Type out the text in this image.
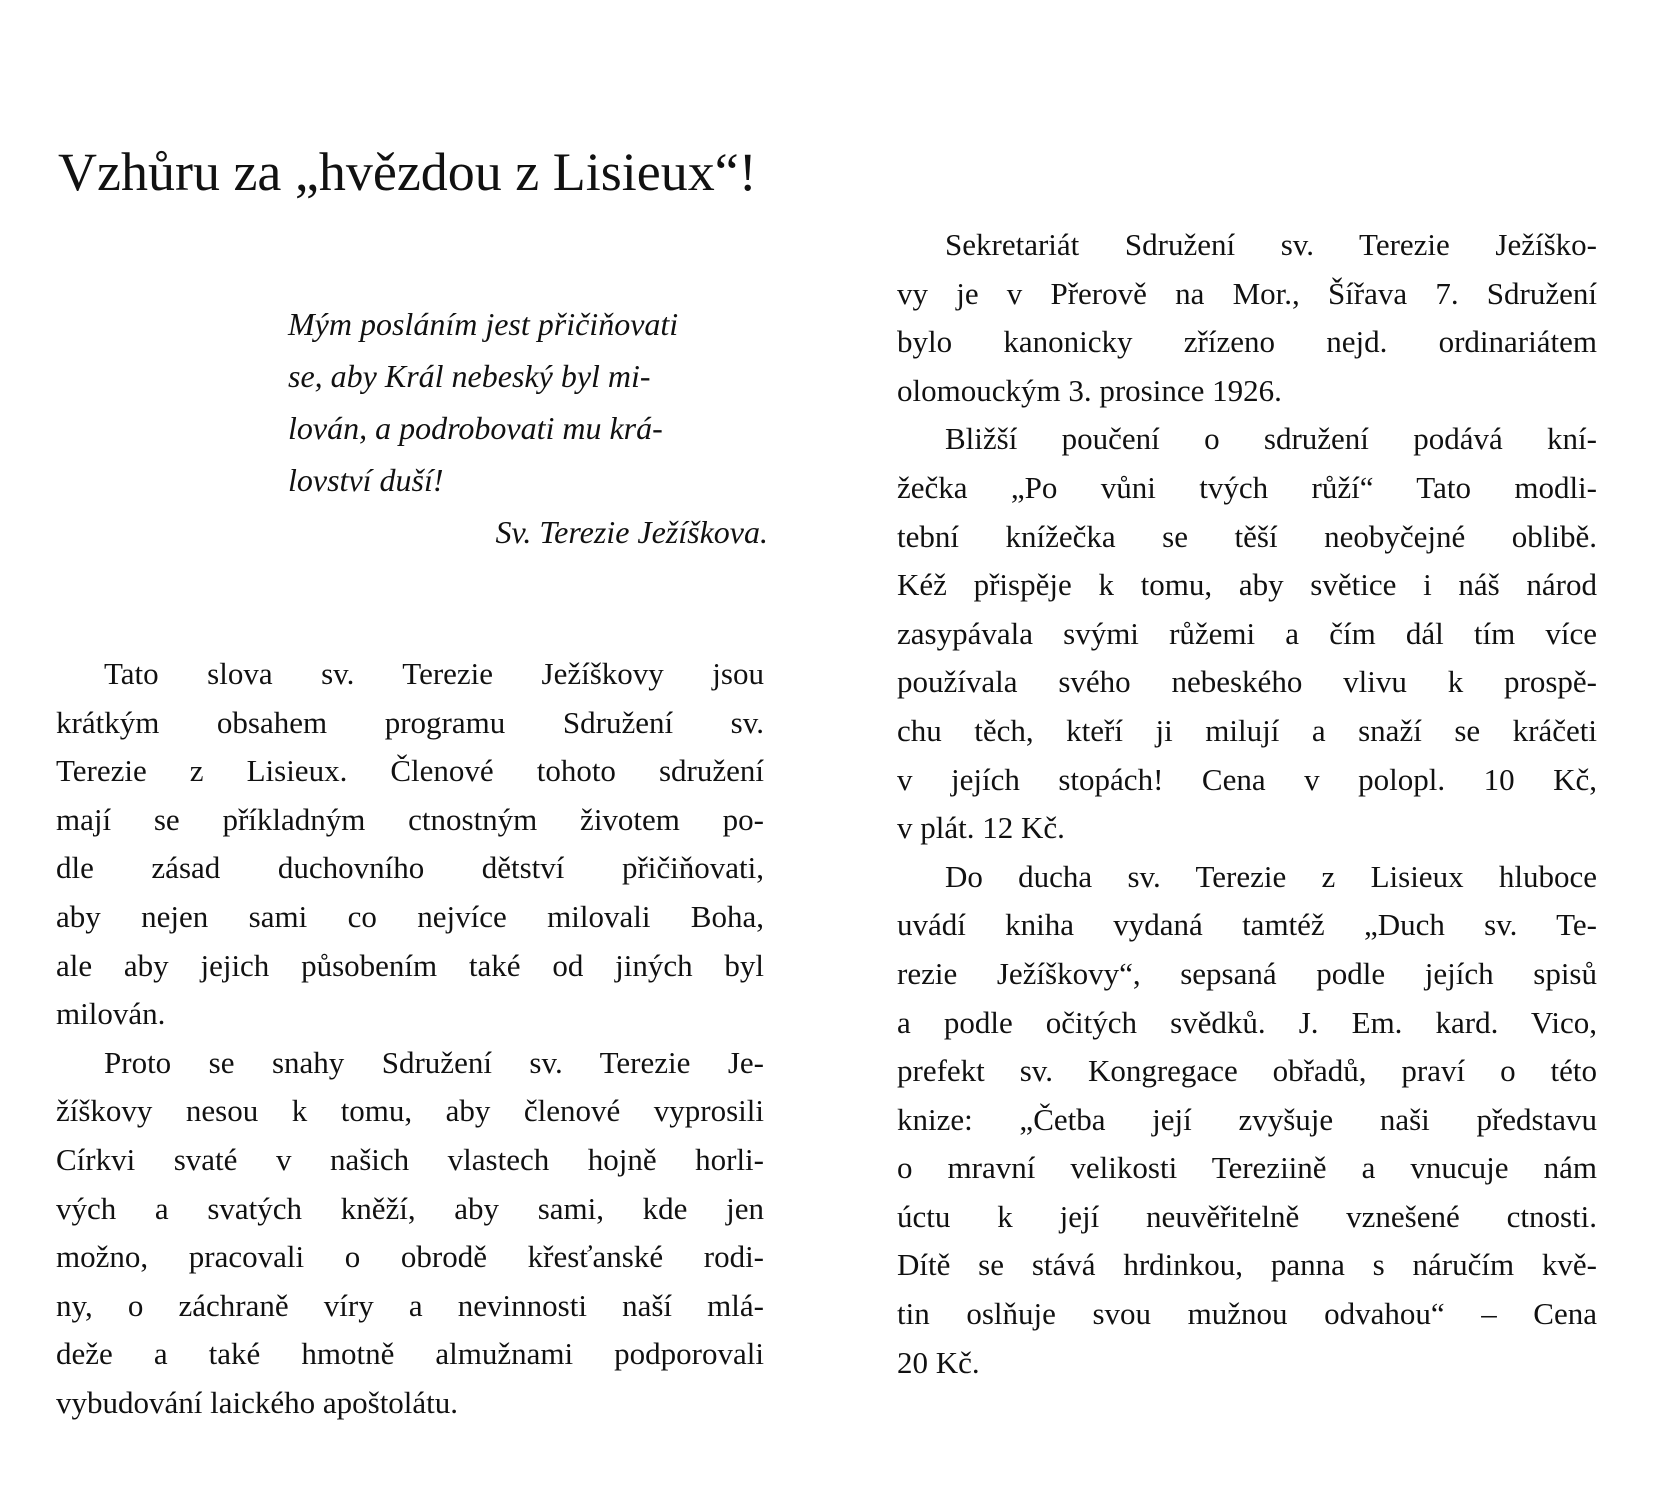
Vzhůru za „hvězdou z Lisieux“!
Mým posláním jest přičiňovati
se, aby Král nebeský byl mi-
lován, a podrobovati mu krá-
lovství duší!
Sv. Terezie Ježíškova.
Tato slova sv. Terezie Ježíškovy jsou
krátkým obsahem programu Sdružení sv.
Terezie z Lisieux. Členové tohoto sdružení
mají se příkladným ctnostným životem po-
dle zásad duchovního dětství přičiňovati,
aby nejen sami co nejvíce milovali Boha,
ale aby jejich působením také od jiných byl
milován.
Proto se snahy Sdružení sv. Terezie Je-
žíškovy nesou k tomu, aby členové vyprosili
Církvi svaté v našich vlastech hojně horli-
vých a svatých kněží, aby sami, kde jen
možno, pracovali o obrodě křesťanské rodi-
ny, o záchraně víry a nevinnosti naší mlá-
deže a také hmotně almužnami podporovali
vybudování laického apoštolátu.
Sekretariát Sdružení sv. Terezie Ježíško-
vy je v Přerově na Mor., Šířava 7. Sdružení
bylo kanonicky zřízeno nejd. ordinariátem
olomouckým 3. prosince 1926.
Bližší poučení o sdružení podává kní-
žečka „Po vůni tvých růží“ Tato modli-
tební knížečka se těší neobyčejné oblibě.
Kéž přispěje k tomu, aby světice i náš národ
zasypávala svými růžemi a čím dál tím více
používala svého nebeského vlivu k prospě-
chu těch, kteří ji milují a snaží se kráčeti
v jejích stopách! Cena v polopl. 10 Kč,
v plát. 12 Kč.
Do ducha sv. Terezie z Lisieux hluboce
uvádí kniha vydaná tamtéž „Duch sv. Te-
rezie Ježíškovy“, sepsaná podle jejích spisů
a podle očitých svědků. J. Em. kard. Vico,
prefekt sv. Kongregace obřadů, praví o této
knize: „Četba její zvyšuje naši představu
o mravní velikosti Tereziině a vnucuje nám
úctu k její neuvěřitelně vznešené ctnosti.
Dítě se stává hrdinkou, panna s náručím kvě-
tin oslňuje svou mužnou odvahou“ – Cena
20 Kč.
